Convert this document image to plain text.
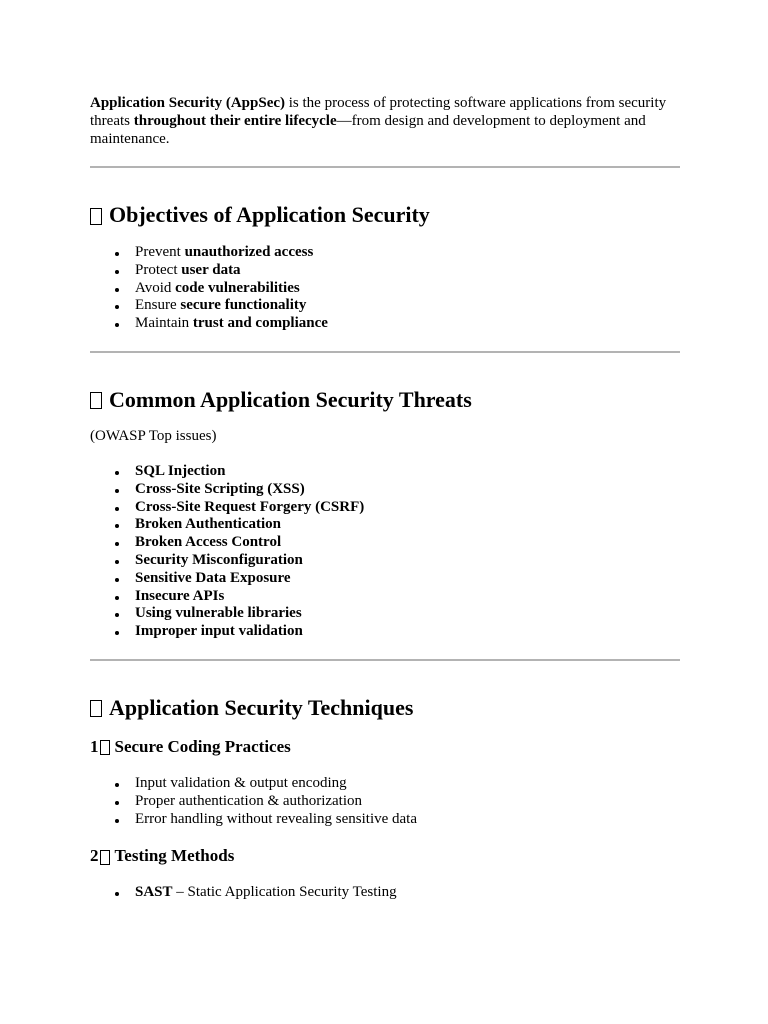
Application Security (AppSec) is the process of protecting software applications from security threats throughout their entire lifecycle—from design and development to deployment and maintenance.

Objectives of Application Security
Prevent unauthorized access
Protect user data
Avoid code vulnerabilities
Ensure secure functionality
Maintain trust and compliance
Common Application Security Threats

(OWASP Top issues)

SQL Injection
Cross-Site Scripting (XSS)
Cross-Site Request Forgery (CSRF)
Broken Authentication
Broken Access Control
Security Misconfiguration
Sensitive Data Exposure
Insecure APIs
Using vulnerable libraries
Improper input validation
Application Security Techniques
1 Secure Coding Practices
Input validation & output encoding
Proper authentication & authorization
Error handling without revealing sensitive data
2 Testing Methods
SAST – Static Application Security Testing
